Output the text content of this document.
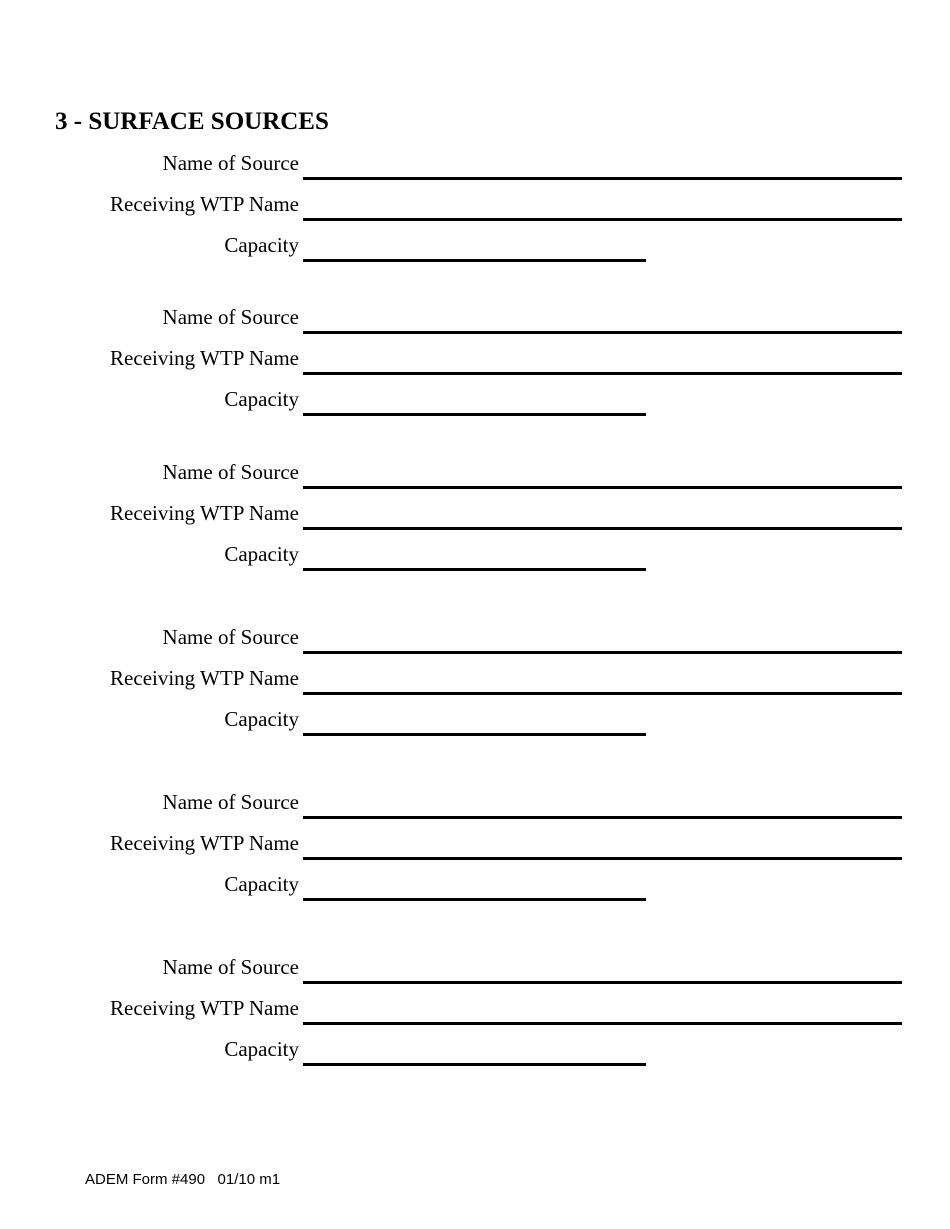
3 - SURFACE SOURCES
Name of Source
Receiving WTP Name
Capacity
Name of Source
Receiving WTP Name
Capacity
Name of Source
Receiving WTP Name
Capacity
Name of Source
Receiving WTP Name
Capacity
Name of Source
Receiving WTP Name
Capacity
Name of Source
Receiving WTP Name
Capacity
ADEM Form #490   01/10 m1
